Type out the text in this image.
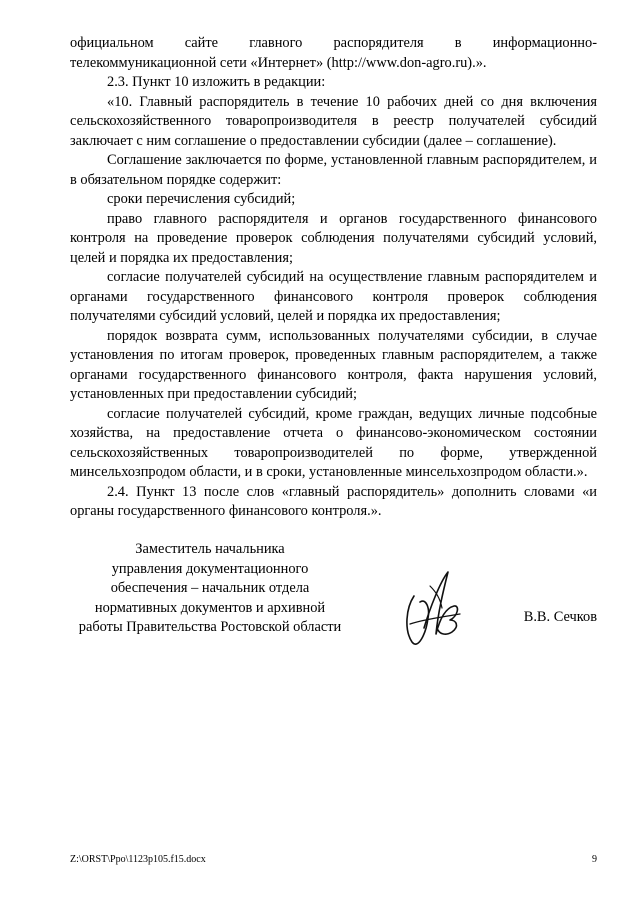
официальном сайте главного распорядителя в информационно-телекоммуникационной сети «Интернет» (http://www.don-agro.ru).».

2.3. Пункт 10 изложить в редакции:

«10. Главный распорядитель в течение 10 рабочих дней со дня включения сельскохозяйственного товаропроизводителя в реестр получателей субсидий заключает с ним соглашение о предоставлении субсидии (далее – соглашение).

Соглашение заключается по форме, установленной главным распорядителем, и в обязательном порядке содержит:

сроки перечисления субсидий;

право главного распорядителя и органов государственного финансового контроля на проведение проверок соблюдения получателями субсидий условий, целей и порядка их предоставления;

согласие получателей субсидий на осуществление главным распорядителем и органами государственного финансового контроля проверок соблюдения получателями субсидий условий, целей и порядка их предоставления;

порядок возврата сумм, использованных получателями субсидии, в случае установления по итогам проверок, проведенных главным распорядителем, а также органами государственного финансового контроля, факта нарушения условий, установленных при предоставлении субсидий;

согласие получателей субсидий, кроме граждан, ведущих личные подсобные хозяйства, на предоставление отчета о финансово-экономическом состоянии сельскохозяйственных товаропроизводителей по форме, утвержденной минсельхозпродом области, и в сроки, установленные минсельхозпродом области.».

2.4. Пункт 13 после слов «главный распорядитель» дополнить словами «и органы государственного финансового контроля.».

Заместитель начальника
управления документационного
обеспечения – начальник отдела
нормативных документов и архивной
работы Правительства Ростовской области
В.В. Сечков
Z:\ORST\Ppo\1123p105.f15.docx	9
